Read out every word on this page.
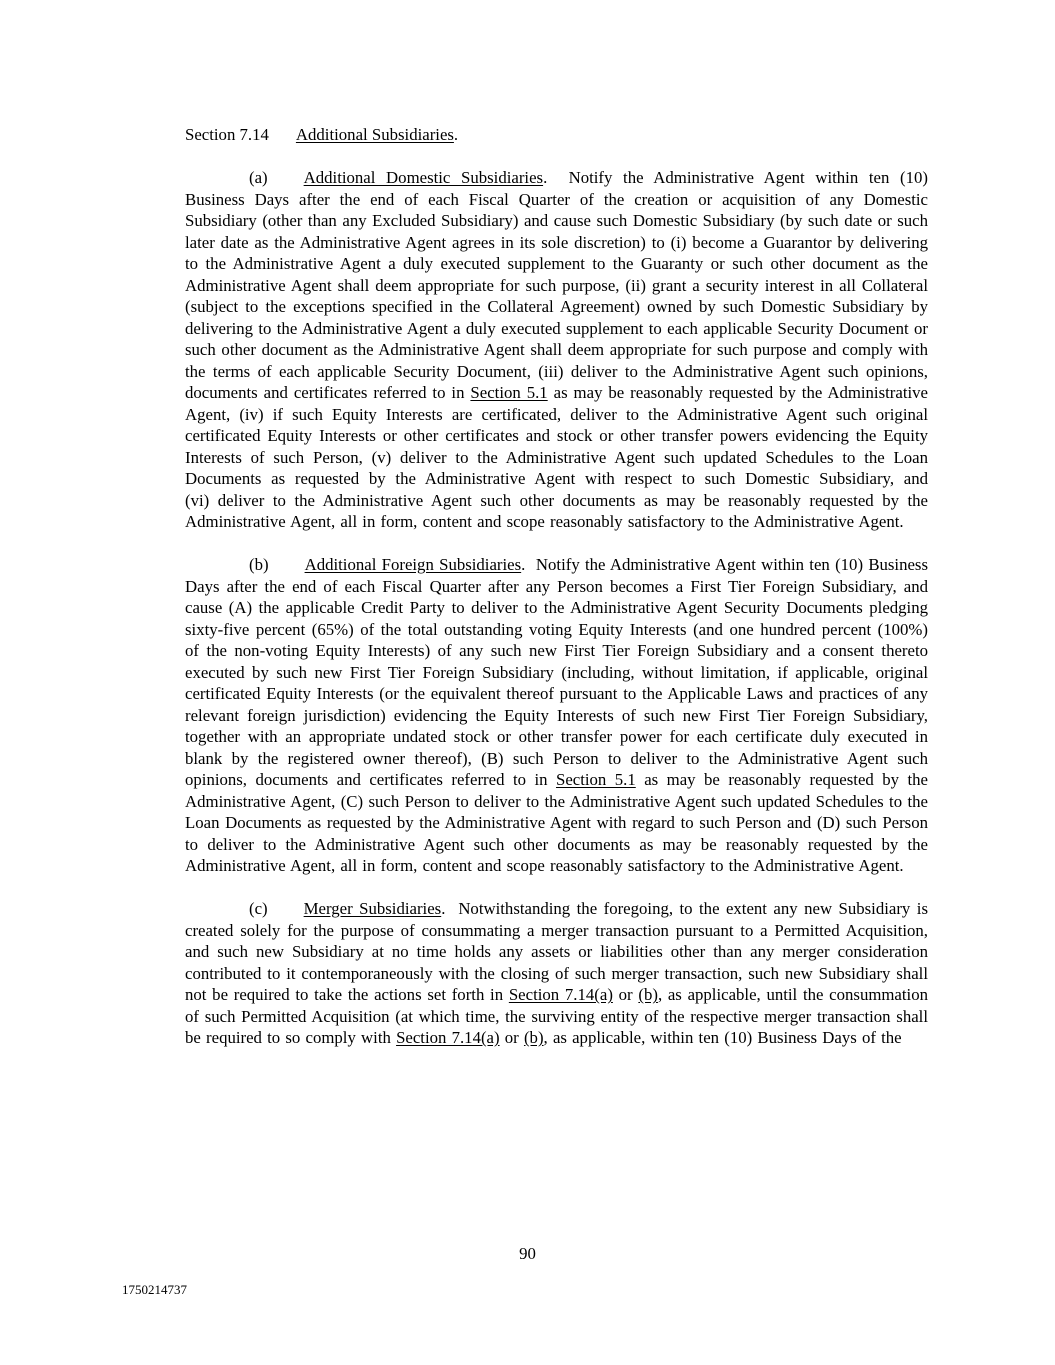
Section 7.14 Additional Subsidiaries.

(a) Additional Domestic Subsidiaries.  Notify the Administrative Agent within ten (10) Business Days after the end of each Fiscal Quarter of the creation or acquisition of any Domestic Subsidiary (other than any Excluded Subsidiary) and cause such Domestic Subsidiary (by such date or such later date as the Administrative Agent agrees in its sole discretion) to (i) become a Guarantor by delivering to the Administrative Agent a duly executed supplement to the Guaranty or such other document as the Administrative Agent shall deem appropriate for such purpose, (ii) grant a security interest in all Collateral (subject to the exceptions specified in the Collateral Agreement) owned by such Domestic Subsidiary by delivering to the Administrative Agent a duly executed supplement to each applicable Security Document or such other document as the Administrative Agent shall deem appropriate for such purpose and comply with the terms of each applicable Security Document, (iii) deliver to the Administrative Agent such opinions, documents and certificates referred to in Section 5.1 as may be reasonably requested by the Administrative Agent, (iv) if such Equity Interests are certificated, deliver to the Administrative Agent such original certificated Equity Interests or other certificates and stock or other transfer powers evidencing the Equity Interests of such Person, (v) deliver to the Administrative Agent such updated Schedules to the Loan Documents as requested by the Administrative Agent with respect to such Domestic Subsidiary, and (vi) deliver to the Administrative Agent such other documents as may be reasonably requested by the Administrative Agent, all in form, content and scope reasonably satisfactory to the Administrative Agent.

(b) Additional Foreign Subsidiaries.  Notify the Administrative Agent within ten (10) Business Days after the end of each Fiscal Quarter after any Person becomes a First Tier Foreign Subsidiary, and cause (A) the applicable Credit Party to deliver to the Administrative Agent Security Documents pledging sixty-five percent (65%) of the total outstanding voting Equity Interests (and one hundred percent (100%) of the non-voting Equity Interests) of any such new First Tier Foreign Subsidiary and a consent thereto executed by such new First Tier Foreign Subsidiary (including, without limitation, if applicable, original certificated Equity Interests (or the equivalent thereof pursuant to the Applicable Laws and practices of any relevant foreign jurisdiction) evidencing the Equity Interests of such new First Tier Foreign Subsidiary, together with an appropriate undated stock or other transfer power for each certificate duly executed in blank by the registered owner thereof), (B) such Person to deliver to the Administrative Agent such opinions, documents and certificates referred to in Section 5.1 as may be reasonably requested by the Administrative Agent, (C) such Person to deliver to the Administrative Agent such updated Schedules to the Loan Documents as requested by the Administrative Agent with regard to such Person and (D) such Person to deliver to the Administrative Agent such other documents as may be reasonably requested by the Administrative Agent, all in form, content and scope reasonably satisfactory to the Administrative Agent.

(c) Merger Subsidiaries.  Notwithstanding the foregoing, to the extent any new Subsidiary is created solely for the purpose of consummating a merger transaction pursuant to a Permitted Acquisition, and such new Subsidiary at no time holds any assets or liabilities other than any merger consideration contributed to it contemporaneously with the closing of such merger transaction, such new Subsidiary shall not be required to take the actions set forth in Section 7.14(a) or (b), as applicable, until the consummation of such Permitted Acquisition (at which time, the surviving entity of the respective merger transaction shall be required to so comply with Section 7.14(a) or (b), as applicable, within ten (10) Business Days of the

90
1750214737
